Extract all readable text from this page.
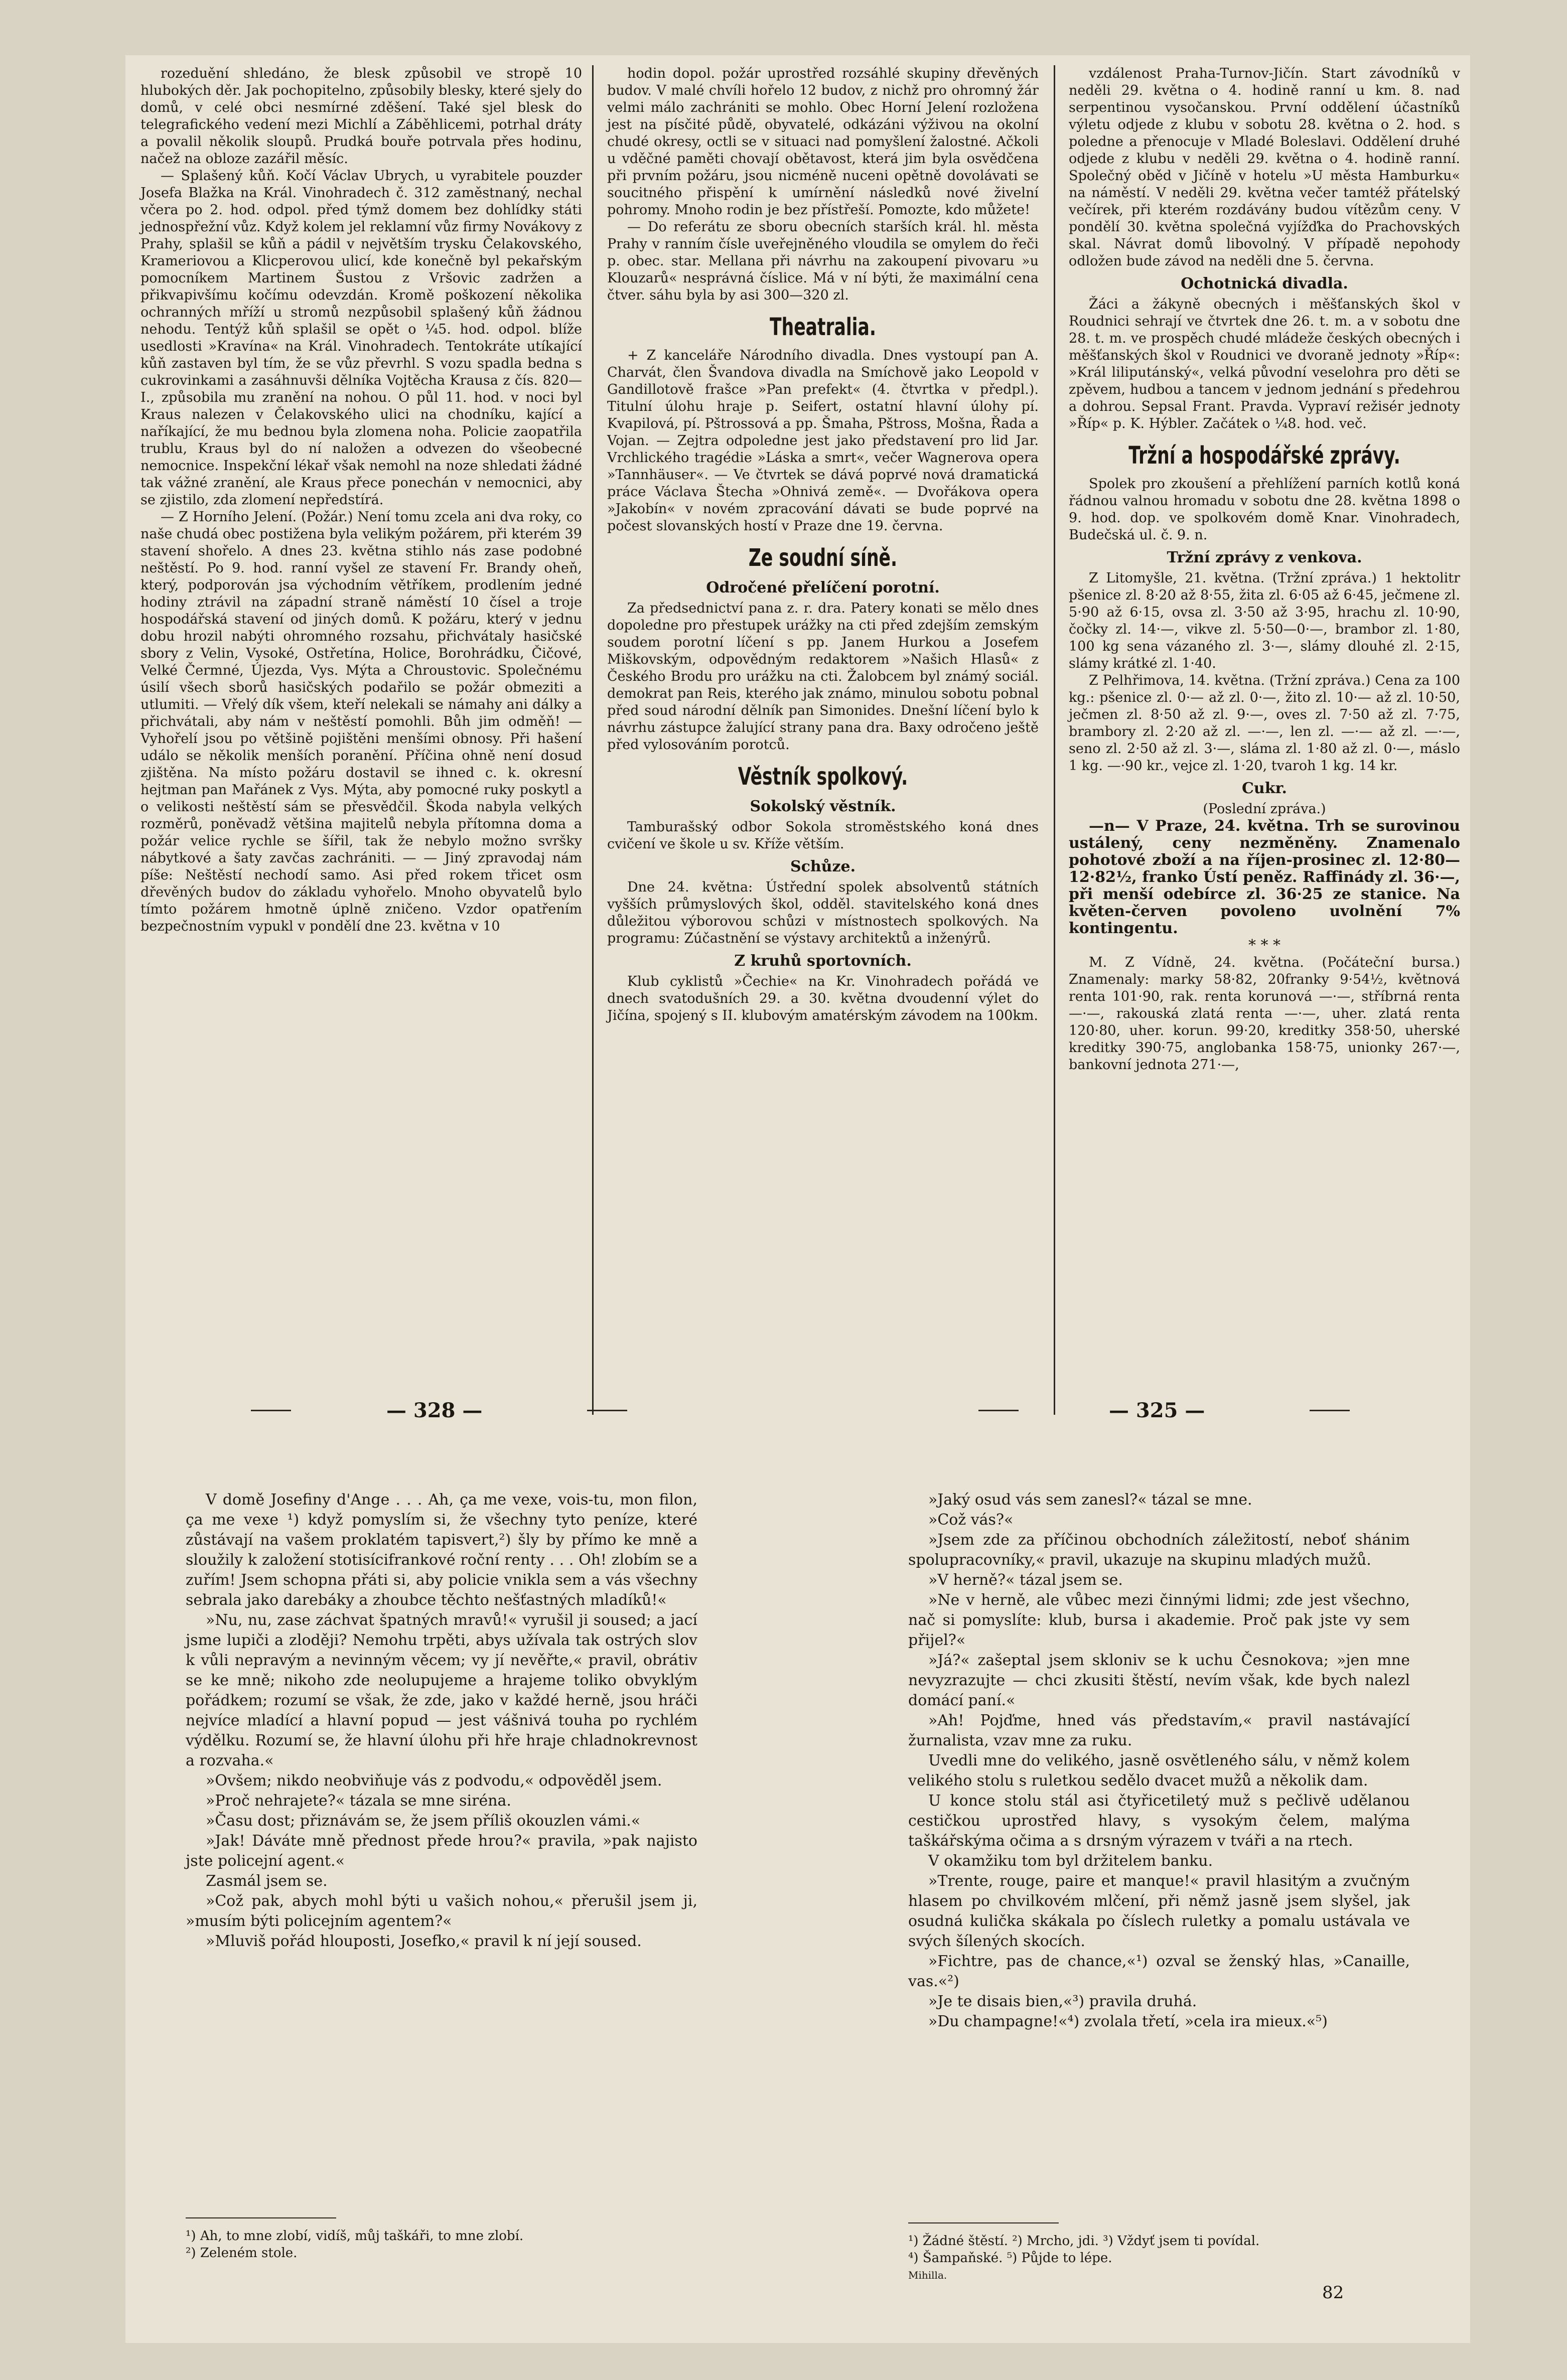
rozeduění shledáno, že blesk způsobil ve stropě 10 hlubokých děr. Jak pochopitelno, způsobily blesky, které sjely do domů, v celé obci nesmírné zděšení. Také sjel blesk do telegrafického vedení mezi Michlí a Záběhlicemi, potrhal dráty a povalil několik sloupů. Prudká bouře potrvala přes hodinu, načež na obloze zazářil měsíc.

— Splašený kůň. Kočí Václav Ubrych, u vyrabitele pouzder Josefa Blažka na Král. Vinohradech č. 312 zaměstnaný, nechal včera po 2. hod. odpol. před týmž domem bez dohlídky státi jednospřežní vůz. Když kolem jel reklamní vůz firmy Novákovy z Prahy, splašil se kůň a pádil v největším trysku Čelakovského, Krameriovou a Klicperovou ulicí, kde konečně byl pekařským pomocníkem Martinem Šustou z Vršovic zadržen a přikvapivšímu kočímu odevzdán. Kromě poškození několika ochranných mříží u stromů nezpůsobil splašený kůň žádnou nehodu. Tentýž kůň splašil se opět o ¼5. hod. odpol. blíže usedlosti »Kravína« na Král. Vinohradech. Tentokráte utíkající kůň zastaven byl tím, že se vůz převrhl. S vozu spadla bedna s cukrovinkami a zasáhnuvši dělníka Vojtěcha Krausa z čís. 820—I., způsobila mu zranění na nohou. O půl 11. hod. v noci byl Kraus nalezen v Čelakovského ulici na chodníku, kající a naříkající, že mu bednou byla zlomena noha. Policie zaopatřila trublu, Kraus byl do ní naložen a odvezen do všeobecné nemocnice. Inspekční lékař však nemohl na noze shledati žádné tak vážné zranění, ale Kraus přece ponechán v nemocnici, aby se zjistilo, zda zlomení nepředstírá.

— Z Horního Jelení. (Požár.) Není tomu zcela ani dva roky, co naše chudá obec postižena byla velikým požárem, při kterém 39 stavení shořelo. A dnes 23. května stihlo nás zase podobné neštěstí. Po 9. hod. ranní vyšel ze stavení Fr. Brandy oheň, který, podporován jsa východním větříkem, prodlením jedné hodiny ztrávil na západní straně náměstí 10 čísel a troje hospodářská stavení od jiných domů. K požáru, který v jednu dobu hrozil nabýti ohromného rozsahu, přichvátaly hasičské sbory z Velin, Vysoké, Ostřetína, Holice, Borohrádku, Čičové, Velké Čermné, Újezda, Vys. Mýta a Chroustovic. Společnému úsilí všech sborů hasičských podařilo se požár obmeziti a utlumiti. — Vřelý dík všem, kteří nelekali se námahy ani dálky a přichvátali, aby nám v neštěstí pomohli. Bůh jim odměň! — Vyhořelí jsou po většině pojištěni menšími obnosy. Při hašení událo se několik menších poranění. Příčina ohně není dosud zjištěna. Na místo požáru dostavil se ihned c. k. okresní hejtman pan Mařánek z Vys. Mýta, aby pomocné ruky poskytl a o velikosti neštěstí sám se přesvědčil. Škoda nabyla velkých rozměrů, poněvadž většina majitelů nebyla přítomna doma a požár velice rychle se šířil, tak že nebylo možno svršky nábytkové a šaty zavčas zachrániti. — — Jiný zpravodaj nám píše: Neštěstí nechodí samo. Asi před rokem třicet osm dřevěných budov do základu vyhořelo. Mnoho obyvatelů bylo tímto požárem hmotně úplně zničeno. Vzdor opatřením bezpečnostním vypukl v pondělí dne 23. května v 10

hodin dopol. požár uprostřed rozsáhlé skupiny dřevěných budov. V malé chvíli hořelo 12 budov, z nichž pro ohromný žár velmi málo zachrániti se mohlo. Obec Horní Jelení rozložena jest na písčité půdě, obyvatelé, odkázáni výživou na okolní chudé okresy, octli se v situaci nad pomyšlení žalostné. Ačkoli u vděčné paměti chovají obětavost, která jim byla osvědčena při prvním požáru, jsou nicméně nuceni opětně dovolávati se soucitného přispění k umírnění následků nové živelní pohromy. Mnoho rodin je bez přístřeší. Pomozte, kdo můžete!

— Do referátu ze sboru obecních starších král. hl. města Prahy v ranním čísle uveřejněného vloudila se omylem do řeči p. obec. star. Mellana při návrhu na zakoupení pivovaru »u Klouzarů« nesprávná číslice. Má v ní býti, že maximální cena čtver. sáhu byla by asi 300—320 zl.

Theatralia.

+ Z kanceláře Národního divadla. Dnes vystoupí pan A. Charvát, člen Švandova divadla na Smíchově jako Leopold v Gandillotově frašce »Pan prefekt« (4. čtvrtka v předpl.). Titulní úlohu hraje p. Seifert, ostatní hlavní úlohy pí. Kvapilová, pí. Pštrossová a pp. Šmaha, Pštross, Mošna, Řada a Vojan. — Zejtra odpoledne jest jako představení pro lid Jar. Vrchlického tragédie »Láska a smrt«, večer Wagnerova opera »Tannhäuser«. — Ve čtvrtek se dává poprvé nová dramatická práce Václava Štecha »Ohnivá země«. — Dvořákova opera »Jakobín« v novém zpracování dávati se bude poprvé na počest slovanských hostí v Praze dne 19. června.

Ze soudní síně.
Odročené přelíčení porotní.

Za předsednictví pana z. r. dra. Patery konati se mělo dnes dopoledne pro přestupek urážky na cti před zdejším zemským soudem porotní líčení s pp. Janem Hurkou a Josefem Miškovským, odpovědným redaktorem »Našich Hlasů« z Českého Brodu pro urážku na cti. Žalobcem byl známý sociál. demokrat pan Reis, kterého jak známo, minulou sobotu pobnal před soud národní dělník pan Simonides. Dnešní líčení bylo k návrhu zástupce žalující strany pana dra. Baxy odročeno ještě před vylosováním porotců.

Věstník spolkový.
Sokolský věstník.

Tamburašský odbor Sokola stroměstského koná dnes cvičení ve škole u sv. Kříže větším.

Schůze.

Dne 24. května: Ústřední spolek absolventů státních vyšších průmyslových škol, odděl. stavitelského koná dnes důležitou výborovou schůzi v místnostech spolkových. Na programu: Zúčastnění se výstavy architektů a inženýrů.

Z kruhů sportovních.

Klub cyklistů »Čechie« na Kr. Vinohradech pořádá ve dnech svatodušních 29. a 30. května dvoudenní výlet do Jičína, spojený s II. klubovým amatérským závodem na 100km.

vzdálenost Praha-Turnov-Jičín. Start závodníků v neděli 29. května o 4. hodině ranní u km. 8. nad serpentinou vysočanskou. První oddělení účastníků výletu odjede z klubu v sobotu 28. května o 2. hod. s poledne a přenocuje v Mladé Boleslavi. Oddělení druhé odjede z klubu v neděli 29. května o 4. hodině ranní. Společný oběd v Jičíně v hotelu »U města Hamburku« na náměstí. V neděli 29. května večer tamtéž přátelský večírek, při kterém rozdávány budou vítězům ceny. V pondělí 30. května společná vyjížďka do Prachovských skal. Návrat domů libovolný. V případě nepohody odložen bude závod na neděli dne 5. června.

Ochotnická divadla.

Žáci a žákyně obecných i měšťanských škol v Roudnici sehrají ve čtvrtek dne 26. t. m. a v sobotu dne 28. t. m. ve prospěch chudé mládeže českých obecných i měšťanských škol v Roudnici ve dvoraně jednoty »Říp«: »Král liliputánský«, velká původní veselohra pro děti se zpěvem, hudbou a tancem v jednom jednání s předehrou a dohrou. Sepsal Frant. Pravda. Vypraví režisér jednoty »Říp« p. K. Hýbler. Začátek o ¼8. hod. več.

Tržní a hospodářské zprávy.

Spolek pro zkoušení a přehlížení parních kotlů koná řádnou valnou hromadu v sobotu dne 28. května 1898 o 9. hod. dop. ve spolkovém domě Knar. Vinohradech, Budečská ul. č. 9. n.

Tržní zprávy z venkova.

Z Litomyšle, 21. května. (Tržní zpráva.) 1 hektolitr pšenice zl. 8·20 až 8·55, žita zl. 6·05 až 6·45, ječmene zl. 5·90 až 6·15, ovsa zl. 3·50 až 3·95, hrachu zl. 10·90, čočky zl. 14·—, vikve zl. 5·50—0·—, brambor zl. 1·80, 100 kg sena vázaného zl. 3·—, slámy dlouhé zl. 2·15, slámy krátké zl. 1·40.

Z Pelhřimova, 14. května. (Tržní zpráva.) Cena za 100 kg.: pšenice zl. 0·— až zl. 0·—, žito zl. 10·— až zl. 10·50, ječmen zl. 8·50 až zl. 9·—, oves zl. 7·50 až zl. 7·75, brambory zl. 2·20 až zl. —·—, len zl. —·— až zl. —·—, seno zl. 2·50 až zl. 3·—, sláma zl. 1·80 až zl. 0·—, máslo 1 kg. —·90 kr., vejce zl. 1·20, tvaroh 1 kg. 14 kr.

Cukr.
(Poslední zpráva.)

—n— V Praze, 24. května. Trh se surovinou ustálený, ceny nezměněny. Znamenalo pohotové zboží a na říjen-prosinec zl. 12·80—12·82½, franko Ústí peněz. Raffinády zl. 36·—, při menší odebírce zl. 36·25 ze stanice. Na květen-červen povoleno uvolnění 7% kontingentu.

* * *

M. Z Vídně, 24. května. (Počáteční bursa.) Znamenaly: marky 58·82, 20franky 9·54½, květnová renta 101·90, rak. renta korunová —·—, stříbrná renta —·—, rakouská zlatá renta —·—, uher. zlatá renta 120·80, uher. korun. 99·20, kreditky 358·50, uherské kreditky 390·75, anglobanka 158·75, unionky 267·—, bankovní jednota 271·—,

— 328 —	— 325 —

V domě Josefiny d'Ange . . . Ah, ça me vexe, vois-tu, mon filon, ça me vexe ¹) když pomyslím si, že všechny tyto peníze, které zůstávají na vašem proklatém tapisvert,²) šly by přímo ke mně a sloužily k založení stotisícifrankové roční renty . . . Oh! zlobím se a zuřím! Jsem schopna přáti si, aby policie vnikla sem a vás všechny sebrala jako darebáky a zhoubce těchto nešťastných mladíků!«

»Nu, nu, zase záchvat špatných mravů!« vyrušil ji soused; a jací jsme lupiči a zloději? Nemohu trpěti, abys užívala tak ostrých slov k vůli nepravým a nevinným věcem; vy jí nevěřte,« pravil, obrátiv se ke mně; nikoho zde neolupujeme a hrajeme toliko obvyklým pořádkem; rozumí se však, že zde, jako v každé herně, jsou hráči nejvíce mladící a hlavní popud — jest vášnivá touha po rychlém výdělku. Rozumí se, že hlavní úlohu při hře hraje chladnokrevnost a rozvaha.«

»Ovšem; nikdo neobviňuje vás z podvodu,« odpověděl jsem.

»Proč nehrajete?« tázala se mne siréna.

»Času dost; přiznávám se, že jsem příliš okouzlen vámi.«

»Jak! Dáváte mně přednost přede hrou?« pravila, »pak najisto jste policejní agent.«

Zasmál jsem se.

»Což pak, abych mohl býti u vašich nohou,« přerušil jsem ji, »musím býti policejním agentem?«

»Mluviš pořád hlouposti, Josefko,« pravil k ní její soused.

»Jaký osud vás sem zanesl?« tázal se mne.

»Což vás?«

»Jsem zde za příčinou obchodních záležitostí, neboť shánim spolupracovníky,« pravil, ukazuje na skupinu mladých mužů.

»V herně?« tázal jsem se.

»Ne v herně, ale vůbec mezi činnými lidmi; zde jest všechno, nač si pomyslíte: klub, bursa i akademie. Proč pak jste vy sem přijel?«

»Já?« zašeptal jsem skloniv se k uchu Česnokova; »jen mne nevyzrazujte — chci zkusiti štěstí, nevím však, kde bych nalezl domácí paní.«

»Ah! Pojďme, hned vás představím,« pravil nastávající žurnalista, vzav mne za ruku.

Uvedli mne do velikého, jasně osvětleného sálu, v němž kolem velikého stolu s ruletkou sedělo dvacet mužů a několik dam.

U konce stolu stál asi čtyřicetiletý muž s pečlivě udělanou cestičkou uprostřed hlavy, s vysokým čelem, malýma taškářskýma očima a s drsným výrazem v tváři a na rtech.

V okamžiku tom byl držitelem banku.

»Trente, rouge, paire et manque!« pravil hlasitým a zvučným hlasem po chvilkovém mlčení, při němž jasně jsem slyšel, jak osudná kulička skákala po číslech ruletky a pomalu ustávala ve svých šílených skocích.

»Fichtre, pas de chance,«¹) ozval se ženský hlas, »Canaille, vas.«²)

»Je te disais bien,«³) pravila druhá.

»Du champagne!«⁴) zvolala třetí, »cela ira mieux.«⁵)

¹) Ah, to mne zlobí, vidíš, můj taškáři, to mne zlobí.
²) Zeleném stole.
¹) Žádné štěstí. ²) Mrcho, jdi. ³) Vždyť jsem ti povídal.
⁴) Šampaňské. ⁵) Půjde to lépe.
Mihilla.
82
